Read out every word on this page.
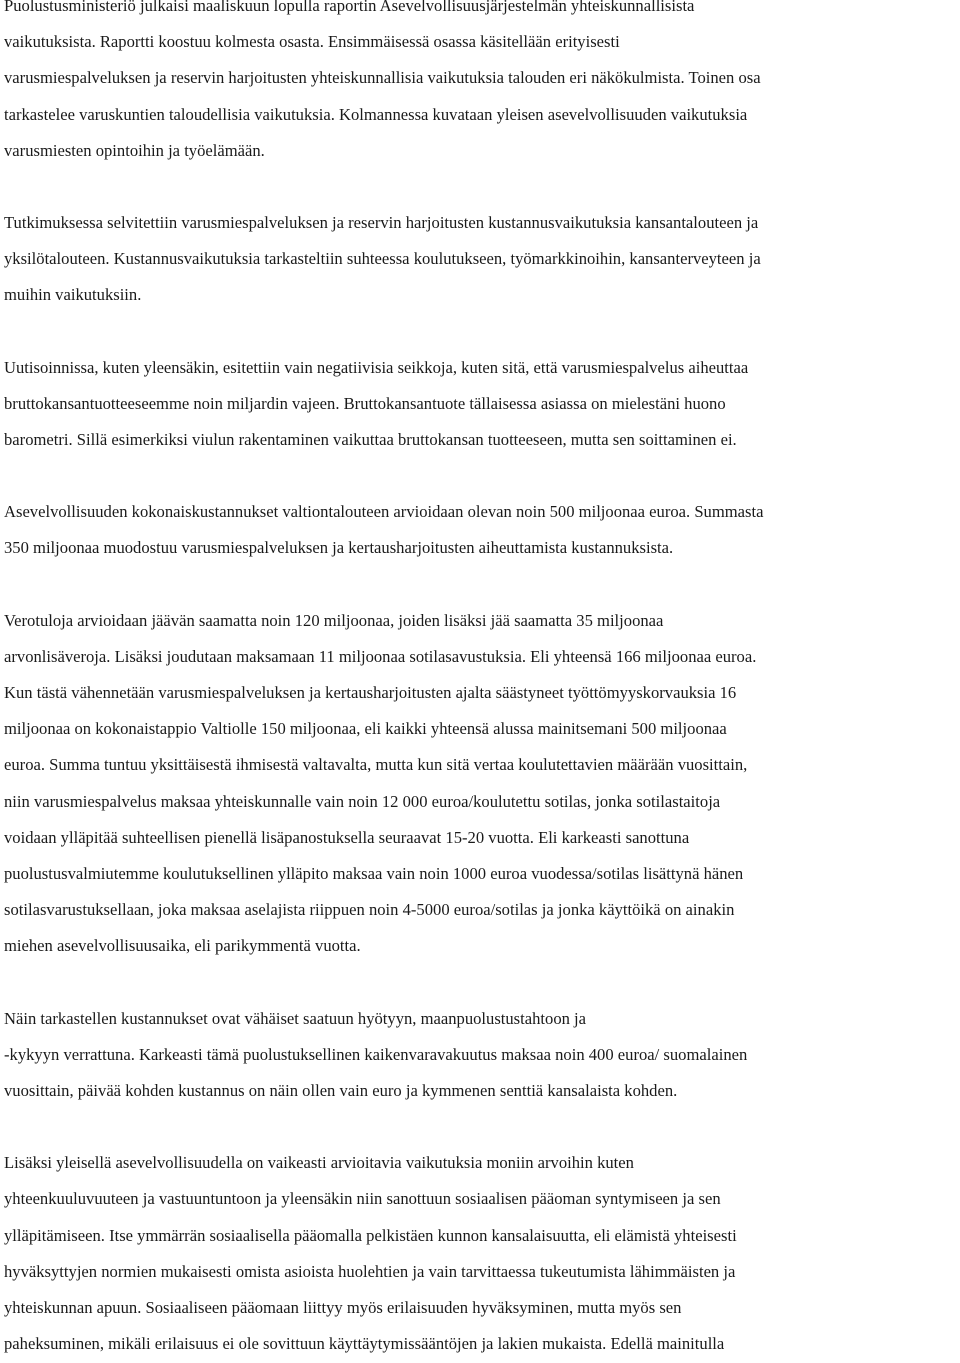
Puolustusministeriö julkaisi maaliskuun lopulla raportin Asevelvollisuusjärjestelmän yhteiskunnallisista
vaikutuksista. Raportti koostuu kolmesta osasta. Ensimmäisessä osassa käsitellään erityisesti
varusmiespalveluksen ja reservin harjoitusten yhteiskunnallisia vaikutuksia talouden eri näkökulmista. Toinen osa
tarkastelee varuskuntien taloudellisia vaikutuksia. Kolmannessa kuvataan yleisen asevelvollisuuden vaikutuksia
varusmiesten opintoihin ja työelämään.

Tutkimuksessa selvitettiin varusmiespalveluksen ja reservin harjoitusten kustannusvaikutuksia kansantalouteen ja
yksilötalouteen. Kustannusvaikutuksia tarkasteltiin suhteessa koulutukseen, työmarkkinoihin, kansanterveyteen ja
muihin vaikutuksiin.

Uutisoinnissa, kuten yleensäkin, esitettiin vain negatiivisia seikkoja, kuten sitä, että varusmiespalvelus aiheuttaa
bruttokansantuotteeseemme noin miljardin vajeen. Bruttokansantuote tällaisessa asiassa on mielestäni huono
barometri. Sillä esimerkiksi viulun rakentaminen vaikuttaa bruttokansan tuotteeseen, mutta sen soittaminen ei.

Asevelvollisuuden kokonaiskustannukset valtiontalouteen arvioidaan olevan noin 500 miljoonaa euroa. Summasta
350 miljoonaa muodostuu varusmiespalveluksen ja kertausharjoitusten aiheuttamista kustannuksista.

Verotuloja arvioidaan jäävän saamatta noin 120 miljoonaa, joiden lisäksi jää saamatta 35 miljoonaa
arvonlisäveroja. Lisäksi joudutaan maksamaan 11 miljoonaa sotilasavustuksia. Eli yhteensä 166 miljoonaa euroa.
Kun tästä vähennetään varusmiespalveluksen ja kertausharjoitusten ajalta säästyneet työttömyyskorvauksia 16
miljoonaa on kokonaistappio Valtiolle 150 miljoonaa, eli kaikki yhteensä alussa mainitsemani 500 miljoonaa
euroa. Summa tuntuu yksittäisestä ihmisestä valtavalta, mutta kun sitä vertaa koulutettavien määrään vuosittain,
niin varusmiespalvelus maksaa yhteiskunnalle vain noin 12 000 euroa/koulutettu sotilas, jonka sotilastaitoja
voidaan ylläpitää suhteellisen pienellä lisäpanostuksella seuraavat 15-20 vuotta. Eli karkeasti sanottuna
puolustusvalmiutemme koulutuksellinen ylläpito maksaa vain noin 1000 euroa vuodessa/sotilas lisättynä hänen
sotilasvarustuksellaan, joka maksaa aselajista riippuen noin 4-5000 euroa/sotilas ja jonka käyttöikä on ainakin
miehen asevelvollisuusaika, eli parikymmentä vuotta.

Näin tarkastellen kustannukset ovat vähäiset saatuun hyötyyn, maanpuolustustahtoon ja
-kykyyn verrattuna. Karkeasti tämä puolustuksellinen kaikenvaravakuutus maksaa noin 400 euroa/ suomalainen
vuosittain, päivää kohden kustannus on näin ollen vain euro ja kymmenen senttiä kansalaista kohden.

Lisäksi yleisellä asevelvollisuudella on vaikeasti arvioitavia vaikutuksia moniin arvoihin kuten
yhteenkuuluvuuteen ja vastuuntuntoon ja yleensäkin niin sanottuun sosiaalisen pääoman syntymiseen ja sen
ylläpitämiseen. Itse ymmärrän sosiaalisella pääomalla pelkistäen kunnon kansalaisuutta, eli elämistä yhteisesti
hyväksyttyjen normien mukaisesti omista asioista huolehtien ja vain tarvittaessa tukeutumista lähimmäisten ja
yhteiskunnan apuun. Sosiaaliseen pääomaan liittyy myös erilaisuuden hyväksyminen, mutta myös sen
paheksuminen, mikäli erilaisuus ei ole sovittuun käyttäytymissääntöjen ja lakien mukaista. Edellä mainitulla
